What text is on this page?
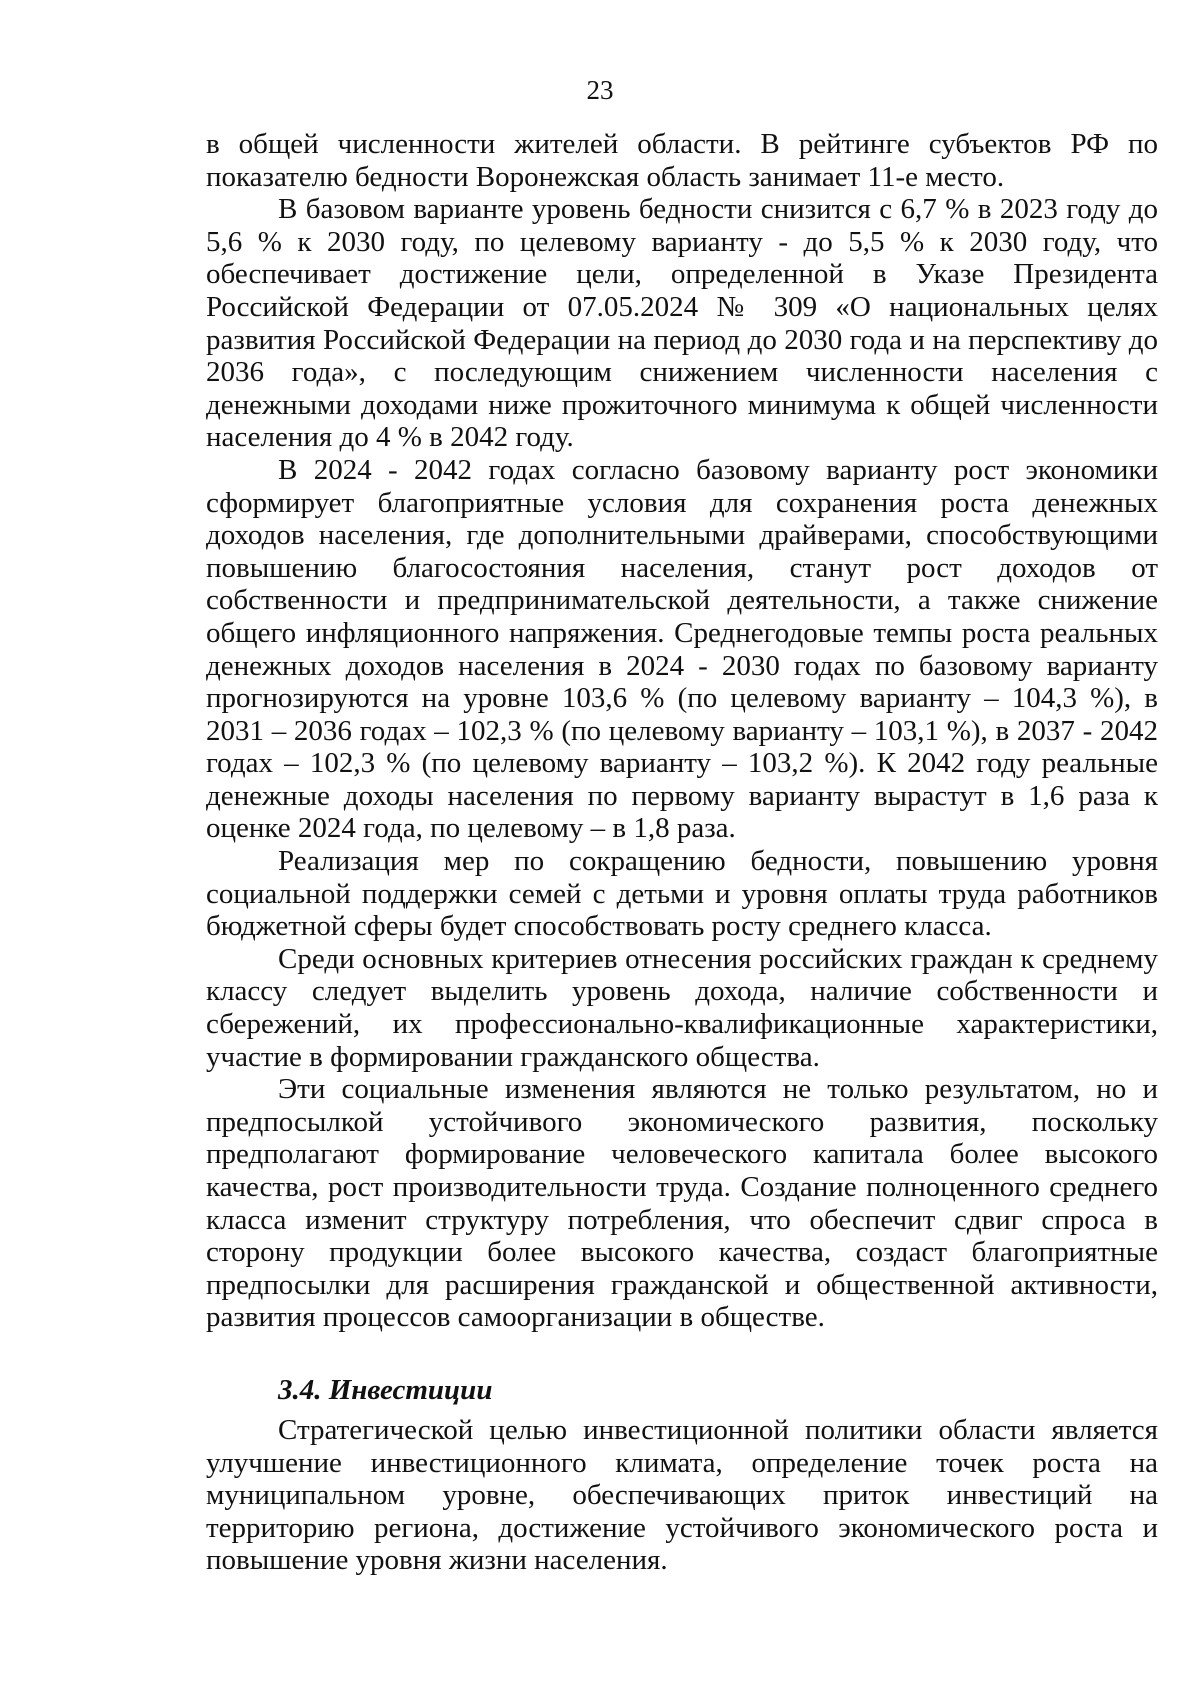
23

в общей численности жителей области. В рейтинге субъектов РФ по показателю бедности Воронежская область занимает 11-е место.

В базовом варианте уровень бедности снизится с 6,7 % в 2023 году до 5,6 % к 2030 году, по целевому варианту - до 5,5 % к 2030 году, что обеспечивает достижение цели, определенной в Указе Президента Российской Федерации от 07.05.2024 № 309 «О национальных целях развития Российской Федерации на период до 2030 года и на перспективу до 2036 года», с последующим снижением численности населения с денежными доходами ниже прожиточного минимума к общей численности населения до 4 % в 2042 году.

В 2024 - 2042 годах согласно базовому варианту рост экономики сформирует благоприятные условия для сохранения роста денежных доходов населения, где дополнительными драйверами, способствующими повышению благосостояния населения, станут рост доходов от собственности и предпринимательской деятельности, а также снижение общего инфляционного напряжения. Среднегодовые темпы роста реальных денежных доходов населения в 2024 - 2030 годах по базовому варианту прогнозируются на уровне 103,6 % (по целевому варианту – 104,3 %), в 2031 – 2036 годах – 102,3 % (по целевому варианту – 103,1 %), в 2037 - 2042 годах – 102,3 % (по целевому варианту – 103,2 %). К 2042 году реальные денежные доходы населения по первому варианту вырастут в 1,6 раза к оценке 2024 года, по целевому – в 1,8 раза.

Реализация мер по сокращению бедности, повышению уровня социальной поддержки семей с детьми и уровня оплаты труда работников бюджетной сферы будет способствовать росту среднего класса.

Среди основных критериев отнесения российских граждан к среднему классу следует выделить уровень дохода, наличие собственности и сбережений, их профессионально-квалификационные характеристики, участие в формировании гражданского общества.

Эти социальные изменения являются не только результатом, но и предпосылкой устойчивого экономического развития, поскольку предполагают формирование человеческого капитала более высокого качества, рост производительности труда. Создание полноценного среднего класса изменит структуру потребления, что обеспечит сдвиг спроса в сторону продукции более высокого качества, создаст благоприятные предпосылки для расширения гражданской и общественной активности, развития процессов самоорганизации в обществе.

3.4. Инвестиции

Стратегической целью инвестиционной политики области является улучшение инвестиционного климата, определение точек роста на муниципальном уровне, обеспечивающих приток инвестиций на территорию региона, достижение устойчивого экономического роста и повышение уровня жизни населения.
